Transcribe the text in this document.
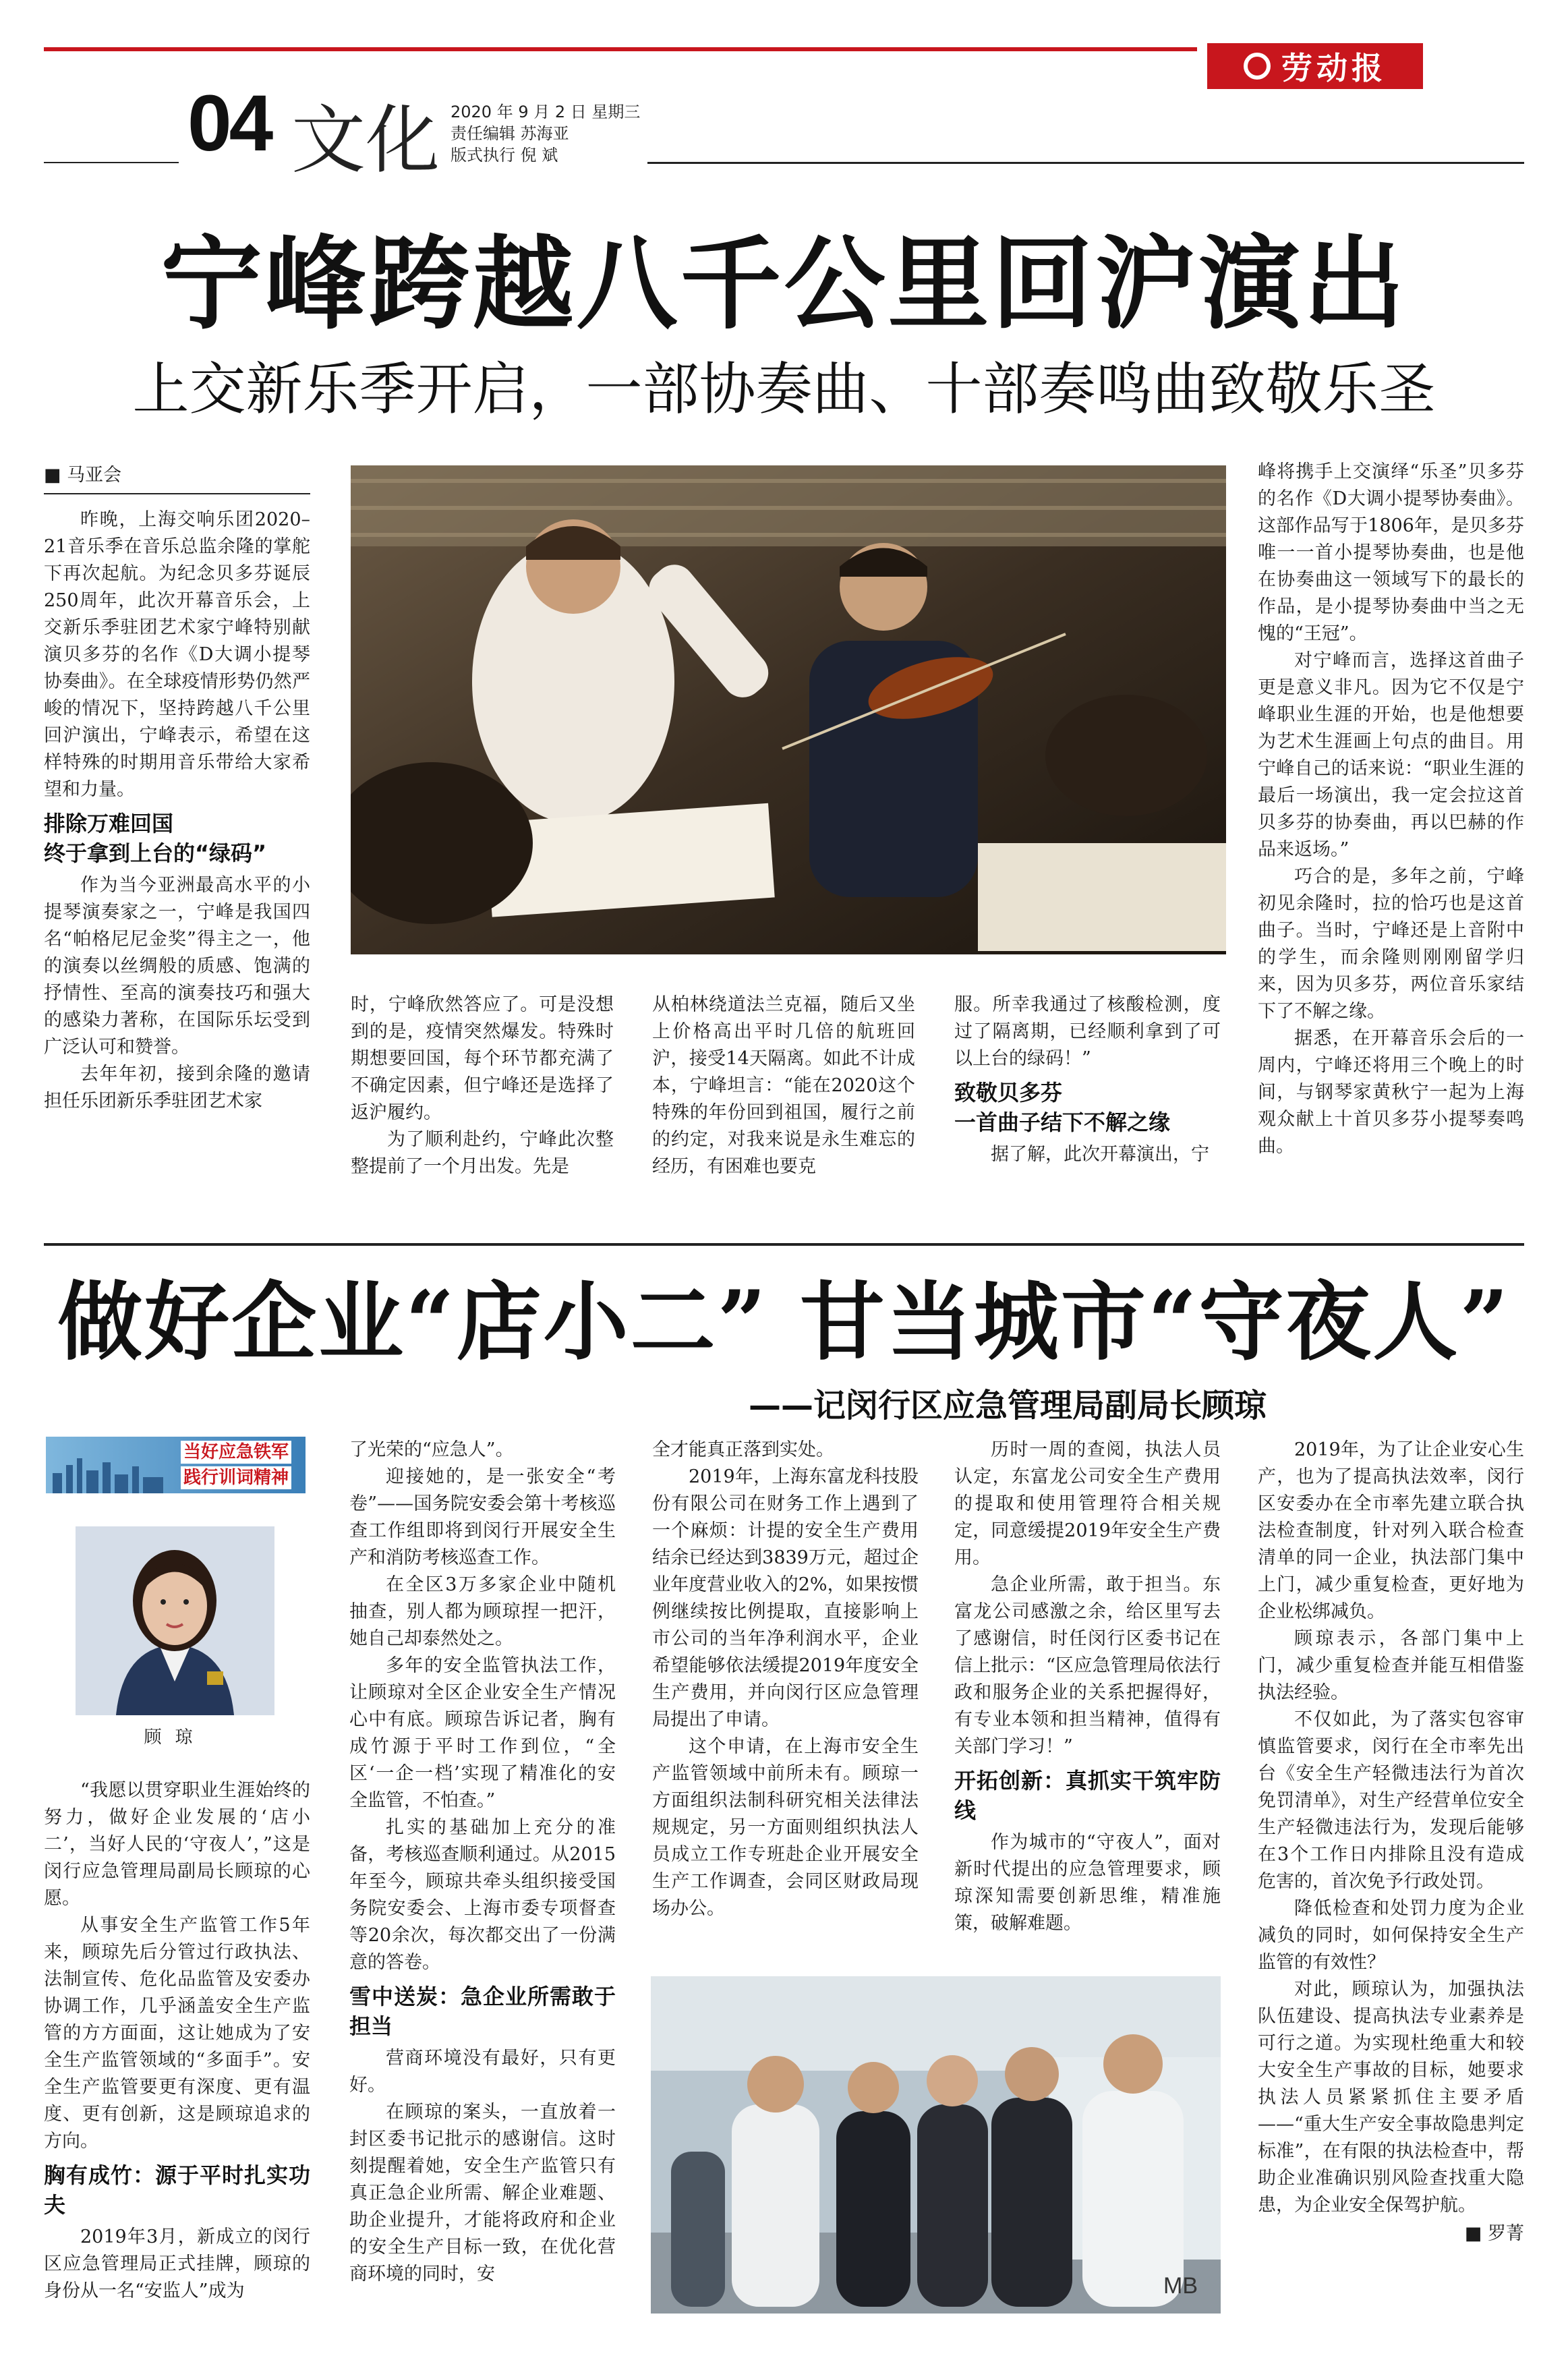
劳动报
04 文化 2020 年 9 月 2 日 星期三
责任编辑 苏海亚
版式执行 倪 斌
宁峰跨越八千公里回沪演出
上交新乐季开启，一部协奏曲、十部奏鸣曲致敬乐圣
■ 马亚会

昨晚，上海交响乐团2020–21音乐季在音乐总监余隆的掌舵下再次起航。为纪念贝多芬诞辰250周年，此次开幕音乐会，上交新乐季驻团艺术家宁峰特别献演贝多芬的名作《D大调小提琴协奏曲》。在全球疫情形势仍然严峻的情况下，坚持跨越八千公里回沪演出，宁峰表示，希望在这样特殊的时期用音乐带给大家希望和力量。

排除万难回国
终于拿到上台的“绿码”

作为当今亚洲最高水平的小提琴演奏家之一，宁峰是我国四名“帕格尼尼金奖”得主之一，他的演奏以丝绸般的质感、饱满的抒情性、至高的演奏技巧和强大的感染力著称，在国际乐坛受到广泛认可和赞誉。

去年年初，接到余隆的邀请担任乐团新乐季驻团艺术家

时，宁峰欣然答应了。可是没想到的是，疫情突然爆发。特殊时期想要回国，每个环节都充满了不确定因素，但宁峰还是选择了返沪履约。

为了顺利赴约，宁峰此次整整提前了一个月出发。先是

从柏林绕道法兰克福，随后又坐上价格高出平时几倍的航班回沪，接受14天隔离。如此不计成本，宁峰坦言：“能在2020这个特殊的年份回到祖国，履行之前的约定，对我来说是永生难忘的经历，有困难也要克

服。所幸我通过了核酸检测，度过了隔离期，已经顺利拿到了可以上台的绿码！”

致敬贝多芬
一首曲子结下不解之缘

据了解，此次开幕演出，宁

峰将携手上交演绎“乐圣”贝多芬的名作《D大调小提琴协奏曲》。这部作品写于1806年，是贝多芬唯一一首小提琴协奏曲，也是他在协奏曲这一领域写下的最长的作品，是小提琴协奏曲中当之无愧的“王冠”。

对宁峰而言，选择这首曲子更是意义非凡。因为它不仅是宁峰职业生涯的开始，也是他想要为艺术生涯画上句点的曲目。用宁峰自己的话来说：“职业生涯的最后一场演出，我一定会拉这首贝多芬的协奏曲，再以巴赫的作品来返场。”

巧合的是，多年之前，宁峰初见余隆时，拉的恰巧也是这首曲子。当时，宁峰还是上音附中的学生，而余隆则刚刚留学归来，因为贝多芬，两位音乐家结下了不解之缘。

据悉，在开幕音乐会后的一周内，宁峰还将用三个晚上的时间，与钢琴家黄秋宁一起为上海观众献上十首贝多芬小提琴奏鸣曲。

做好企业“店小二” 甘当城市“守夜人”
——记闵行区应急管理局副局长顾琼
当好应急铁军
践行训词精神
顾琼

“我愿以贯穿职业生涯始终的努力，做好企业发展的‘店小二’，当好人民的‘守夜人’，”这是闵行应急管理局副局长顾琼的心愿。

从事安全生产监管工作5年来，顾琼先后分管过行政执法、法制宣传、危化品监管及安委办协调工作，几乎涵盖安全生产监管的方方面面，这让她成为了安全生产监管领域的“多面手”。安全生产监管要更有深度、更有温度、更有创新，这是顾琼追求的方向。

胸有成竹：源于平时扎实功夫

2019年3月，新成立的闵行区应急管理局正式挂牌，顾琼的身份从一名“安监人”成为

了光荣的“应急人”。

迎接她的，是一张安全“考卷”——国务院安委会第十考核巡查工作组即将到闵行开展安全生产和消防考核巡查工作。

在全区3万多家企业中随机抽查，别人都为顾琼捏一把汗，她自己却泰然处之。

多年的安全监管执法工作，让顾琼对全区企业安全生产情况心中有底。顾琼告诉记者，胸有成竹源于平时工作到位，“全区‘一企一档’实现了精准化的安全监管，不怕查。”

扎实的基础加上充分的准备，考核巡查顺利通过。从2015年至今，顾琼共牵头组织接受国务院安委会、上海市委专项督查等20余次，每次都交出了一份满意的答卷。

雪中送炭：急企业所需敢于担当

营商环境没有最好，只有更好。

在顾琼的案头，一直放着一封区委书记批示的感谢信。这时刻提醒着她，安全生产监管只有真正急企业所需、解企业难题、助企业提升，才能将政府和企业的安全生产目标一致，在优化营商环境的同时，安

全才能真正落到实处。

2019年，上海东富龙科技股份有限公司在财务工作上遇到了一个麻烦：计提的安全生产费用结余已经达到3839万元，超过企业年度营业收入的2%，如果按惯例继续按比例提取，直接影响上市公司的当年净利润水平，企业希望能够依法缓提2019年度安全生产费用，并向闵行区应急管理局提出了申请。

这个申请，在上海市安全生产监管领域中前所未有。顾琼一方面组织法制科研究相关法律法规规定，另一方面则组织执法人员成立工作专班赴企业开展安全生产工作调查，会同区财政局现场办公。

历时一周的查阅，执法人员认定，东富龙公司安全生产费用的提取和使用管理符合相关规定，同意缓提2019年安全生产费用。

急企业所需，敢于担当。东富龙公司感激之余，给区里写去了感谢信，时任闵行区委书记在信上批示：“区应急管理局依法行政和服务企业的关系把握得好，有专业本领和担当精神，值得有关部门学习！”

开拓创新：真抓实干筑牢防线

作为城市的“守夜人”，面对新时代提出的应急管理要求，顾琼深知需要创新思维，精准施策，破解难题。

MB

2019年，为了让企业安心生产，也为了提高执法效率，闵行区安委办在全市率先建立联合执法检查制度，针对列入联合检查清单的同一企业，执法部门集中上门，减少重复检查，更好地为企业松绑减负。

顾琼表示，各部门集中上门，减少重复检查并能互相借鉴执法经验。

不仅如此，为了落实包容审慎监管要求，闵行在全市率先出台《安全生产轻微违法行为首次免罚清单》，对生产经营单位安全生产轻微违法行为，发现后能够在3个工作日内排除且没有造成危害的，首次免予行政处罚。

降低检查和处罚力度为企业减负的同时，如何保持安全生产监管的有效性？

对此，顾琼认为，加强执法队伍建设、提高执法专业素养是可行之道。为实现杜绝重大和较大安全生产事故的目标，她要求执法人员紧紧抓住主要矛盾——“重大生产安全事故隐患判定标准”，在有限的执法检查中，帮助企业准确识别风险查找重大隐患，为企业安全保驾护航。

■ 罗菁
